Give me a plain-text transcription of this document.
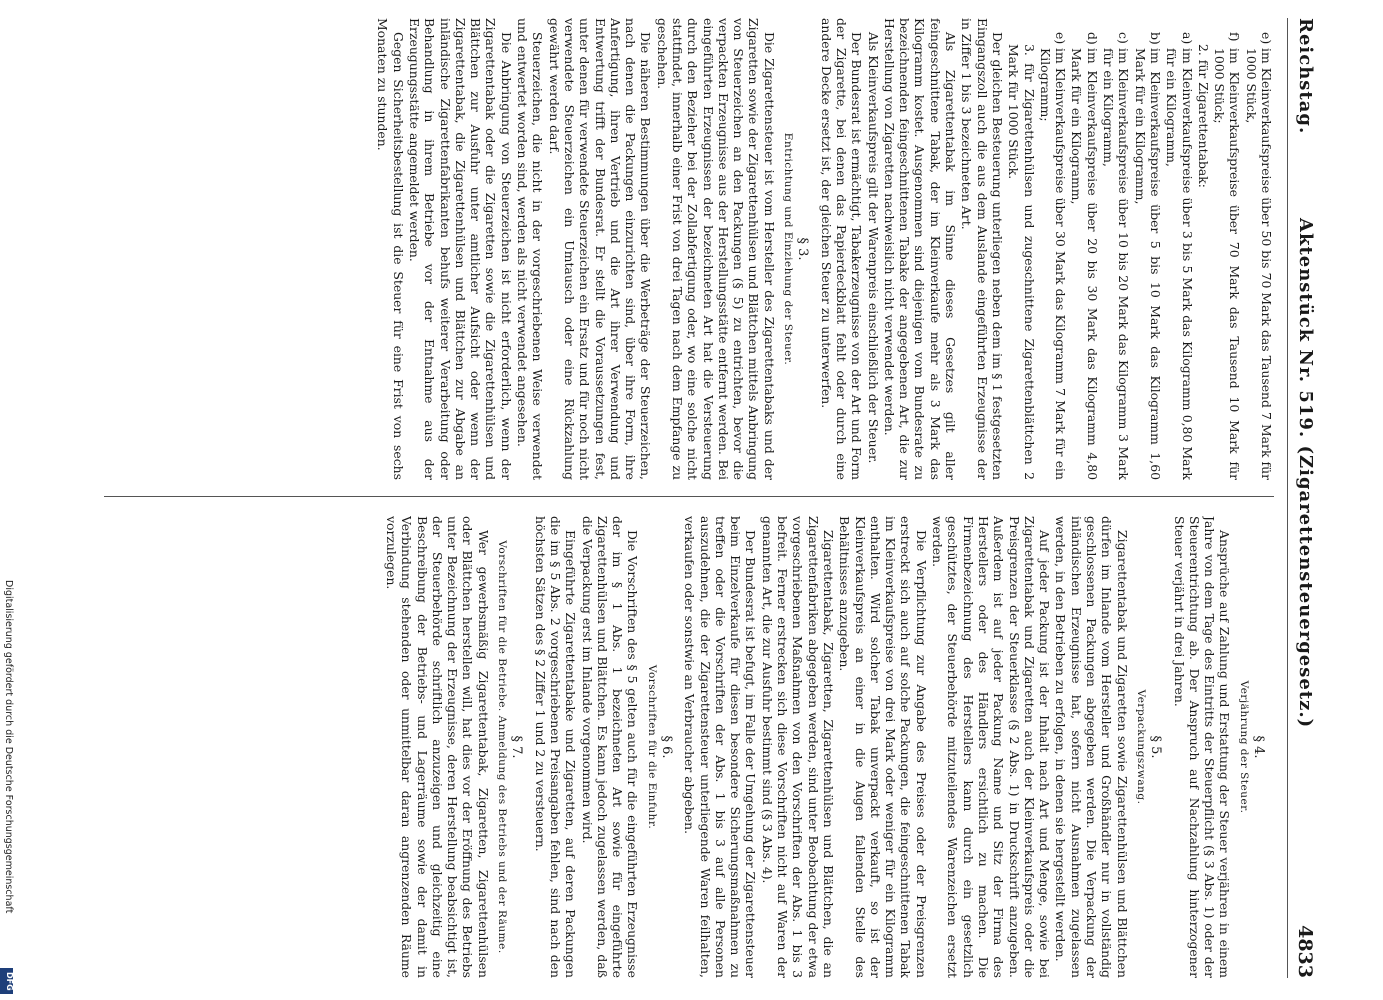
Reichstag.
Aktenstück Nr. 519. (Zigarettensteuergesetz.)
4833

e)
im Kleinverkaufspreise über 50 bis 70 Mark das Tausend 7 Mark für 1000 Stück,

f)
im Kleinverkaufspreise über 70 Mark das Tausend 10 Mark für 1000 Stück;

2. für Zigarettentabak:

a)
im Kleinverkaufspreise über 3 bis 5 Mark das Kilogramm 0,80 Mark für ein Kilogramm,

b)
im Kleinverkaufspreise über 5 bis 10 Mark das Kilogramm 1,60 Mark für ein Kilogramm,

c)
im Kleinverkaufspreise über 10 bis 20 Mark das Kilogramm 3 Mark für ein Kilogramm,

d)
im Kleinverkaufspreise über 20 bis 30 Mark das Kilogramm 4,80 Mark für ein Kilogramm,

e)
im Kleinverkaufspreise über 30 Mark das Kilogramm 7 Mark für ein Kilogramm;

3. für Zigarettenhülsen und zugeschnittene Zigarettenblättchen 2 Mark für 1000 Stück.

Der gleichen Besteuerung unterliegen neben dem im § 1 festgesetzten Eingangszoll auch die aus dem Auslande eingeführten Erzeugnisse der in Ziffer 1 bis 3 bezeichneten Art.

Als Zigarettentabak im Sinne dieses Gesetzes gilt aller feingeschnittene Tabak, der im Kleinverkaufe mehr als 3 Mark das Kilogramm kostet. Ausgenommen sind diejenigen vom Bundesrate zu bezeichnenden feingeschnittenen Tabake der angegebenen Art, die zur Herstellung von Zigaretten nachweislich nicht verwendet werden.

Als Kleinverkaufspreis gilt der Warenpreis einschließlich der Steuer.

Der Bundesrat ist ermächtigt, Tabakerzeugnisse von der Art und Form der Zigarette, bei denen das Papierdeckblatt fehlt oder durch eine andere Decke ersetzt ist, der gleichen Steuer zu unterwerfen.

§ 3.
Entrichtung und Einziehung der Steuer.

Die Zigarettensteuer ist vom Hersteller des Zigarettentabaks und der Zigaretten sowie der Zigarettenhülsen und Blättchen mittels Anbringung von Steuerzeichen an den Packungen (§ 5) zu entrichten, bevor die verpackten Erzeugnisse aus der Herstellungsstätte entfernt werden. Bei eingeführten Erzeugnissen der bezeichneten Art hat die Versteuerung durch den Bezieher bei der Zollabfertigung oder, wo eine solche nicht stattfindet, innerhalb einer Frist von drei Tagen nach dem Empfange zu geschehen.

Die näheren Bestimmungen über die Werbeträge der Steuerzeichen, nach denen die Packungen einzurichten sind, über ihre Form, ihre Anfertigung, ihren Vertrieb und die Art ihrer Verwendung und Entwertung trifft der Bundesrat. Er stellt die Voraussetzungen fest, unter denen für verwendete Steuerzeichen ein Ersatz und für noch nicht verwendete Steuerzeichen ein Umtausch oder eine Rückzahlung gewährt werden darf.

Steuerzeichen, die nicht in der vorgeschriebenen Weise verwendet und entwertet worden sind, werden als nicht verwendet angesehen.

Die Anbringung von Steuerzeichen ist nicht erforderlich, wenn der Zigarettentabak oder die Zigaretten sowie die Zigarettenhülsen und Blättchen zur Ausfuhr unter amtlicher Aufsicht oder wenn der Zigarettentabak, die Zigarettenhülsen und Blättchen zur Abgabe an inländische Zigarettenfabrikanten behufs weiterer Verarbeitung oder Behandlung in ihrem Betriebe vor der Entnahme aus der Erzeugungsstätte angemeldet werden.

Gegen Sicherheitsbestellung ist die Steuer für eine Frist von sechs Monaten zu stunden.

§ 4.
Verjährung der Steuer.

Ansprüche auf Zahlung und Erstattung der Steuer verjähren in einem Jahre von dem Tage des Eintritts der Steuerpflicht (§ 3 Abs. 1) oder der Steuerentrichtung ab. Der Anspruch auf Nachzahlung hinterzogener Steuer verjährt in drei Jahren.

§ 5.
Verpackungszwang.

Zigarettentabak und Zigaretten sowie Zigarettenhülsen und Blättchen dürfen im Inlande vom Hersteller und Großhändler nur in vollständig geschlossenen Packungen abgegeben werden. Die Verpackung der inländischen Erzeugnisse hat, sofern nicht Ausnahmen zugelassen werden, in den Betrieben zu erfolgen, in denen sie hergestellt werden.

Auf jeder Packung ist der Inhalt nach Art und Menge, sowie bei Zigarettentabak und Zigaretten auch der Kleinverkaufspreis oder die Preisgrenzen der Steuerklasse (§ 2 Abs. 1) in Druckschrift anzugeben. Außerdem ist auf jeder Packung Name und Sitz der Firma des Herstellers oder des Händlers ersichtlich zu machen. Die Firmenbezeichnung des Herstellers kann durch ein gesetzlich geschütztes, der Steuerbehörde mitzuteilendes Warenzeichen ersetzt werden.

Die Verpflichtung zur Angabe des Preises oder der Preisgrenzen erstreckt sich auch auf solche Packungen, die feingeschnittenen Tabak im Kleinverkaufspreise von drei Mark oder weniger für ein Kilogramm enthalten. Wird solcher Tabak unverpackt verkauft, so ist der Kleinverkaufspreis an einer in die Augen fallenden Stelle des Behältnisses anzugeben.

Zigarettentabak, Zigaretten, Zigarettenhülsen und Blättchen, die an Zigarettenfabriken abgegeben werden, sind unter Beobachtung der etwa vorgeschriebenen Maßnahmen von den Vorschriften der Abs. 1 bis 3 befreit. Ferner erstrecken sich diese Vorschriften nicht auf Waren der genannten Art, die zur Ausfuhr bestimmt sind (§ 3 Abs. 4).

Der Bundesrat ist befugt, im Falle der Umgehung der Zigarettensteuer beim Einzelverkaufe für diesen besondere Sicherungsmaßnahmen zu treffen oder die Vorschriften der Abs. 1 bis 3 auf alle Personen auszudehnen, die der Zigarettensteuer unterliegende Waren feilhalten, verkaufen oder sonstwie an Verbraucher abgeben.

§ 6.
Vorschriften für die Einfuhr.

Die Vorschriften des § 5 gelten auch für die eingeführten Erzeugnisse der im § 1 Abs. 1 bezeichneten Art sowie für eingeführte Zigarettenhülsen und Blättchen. Es kann jedoch zugelassen werden, daß die Verpackung erst im Inlande vorgenommen wird.

Eingeführte Zigarettentabake und Zigaretten, auf deren Packungen die im § 5 Abs. 2 vorgeschriebenen Preisangaben fehlen, sind nach den höchsten Sätzen des § 2 Ziffer 1 und 2 zu versteuern.

§ 7.
Vorschriften für die Betriebe. Anmeldung des Betriebs und der Räume.

Wer gewerbsmäßig Zigarettentabak, Zigaretten, Zigarettenhülsen oder Blättchen herstellen will, hat dies vor der Eröffnung des Betriebs unter Bezeichnung der Erzeugnisse, deren Herstellung beabsichtigt ist, der Steuerbehörde schriftlich anzuzeigen und gleichzeitig eine Beschreibung der Betriebs- und Lagerräume sowie der damit in Verbindung stehenden oder unmittelbar daran angrenzenden Räume vorzulegen.

Digitalisierung gefördert durch die Deutsche Forschungsgemeinschaft
DFG
